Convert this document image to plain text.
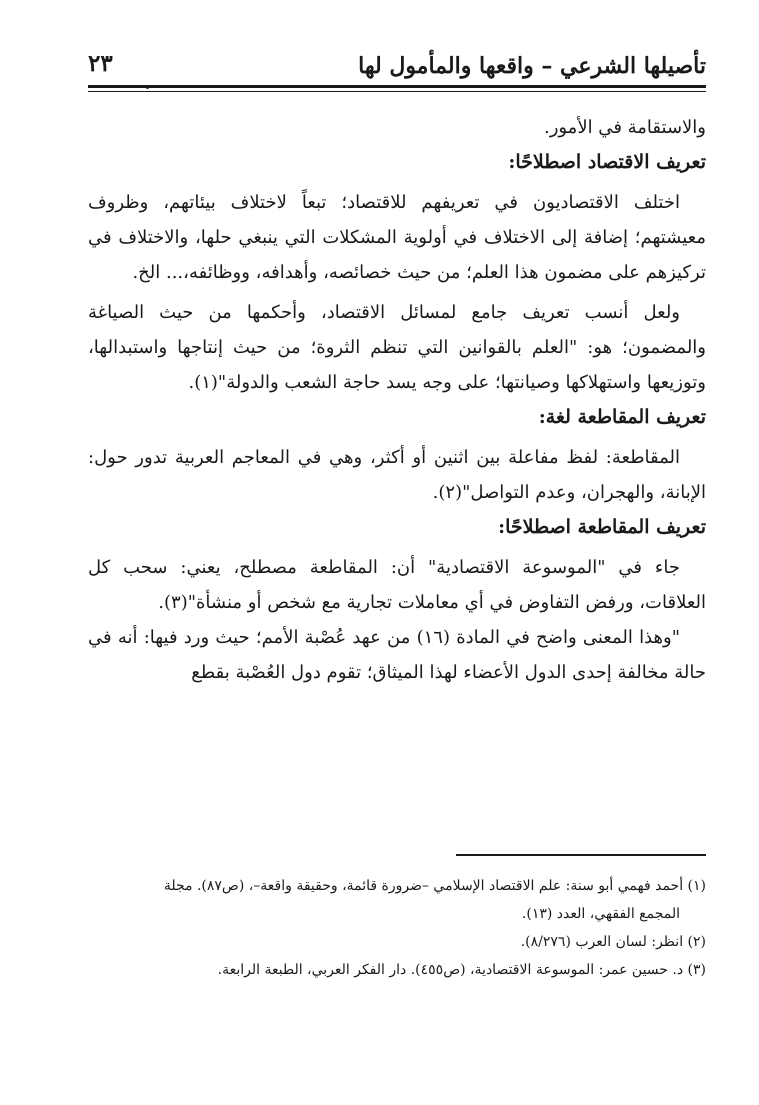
تأصيلها الشرعي – واقعها والمأمول لها
٢٣

والاستقامة في الأمور.

تعريف الاقتصاد اصطلاحًا:

اختلف الاقتصاديون في تعريفهم للاقتصاد؛ تبعاً لاختلاف بيئاتهم، وظروف معيشتهم؛ إضافة إلى الاختلاف في أولوية المشكلات التي ينبغي حلها، والاختلاف في تركيزهم على مضمون هذا العلم؛ من حيث خصائصه، وأهدافه، ووظائفه،... الخ.

ولعل أنسب تعريف جامع لمسائل الاقتصاد، وأحكمها من حيث الصياغة والمضمون؛ هو: "العلم بالقوانين التي تنظم الثروة؛ من حيث إنتاجها واستبدالها، وتوزيعها واستهلاكها وصيانتها؛ على وجه يسد حاجة الشعب والدولة"(١).

تعريف المقاطعة لغة:

المقاطعة: لفظ مفاعلة بين اثنين أو أكثر، وهي في المعاجم العربية تدور حول: الإبانة، والهجران، وعدم التواصل"(٢).

تعريف المقاطعة اصطلاحًا:

جاء في "الموسوعة الاقتصادية" أن: المقاطعة مصطلح، يعني: سحب كل العلاقات، ورفض التفاوض في أي معاملات تجارية مع شخص أو منشأة"(٣).

"وهذا المعنى واضح في المادة (١٦) من عهد عُصْبة الأمم؛ حيث ورد فيها: أنه في حالة مخالفة إحدى الدول الأعضاء لهذا الميثاق؛ تقوم دول العُصْبة بقطع

(١) أحمد فهمي أبو سنة: علم الاقتصاد الإسلامي –ضرورة قائمة، وحقيقة واقعة–، (ص٨٧). مجلة

المجمع الفقهي، العدد (١٣).

(٢) انظر: لسان العرب (٨/٢٧٦).

(٣) د. حسين عمر: الموسوعة الاقتصادية، (ص٤٥٥). دار الفكر العربي، الطبعة الرابعة.
